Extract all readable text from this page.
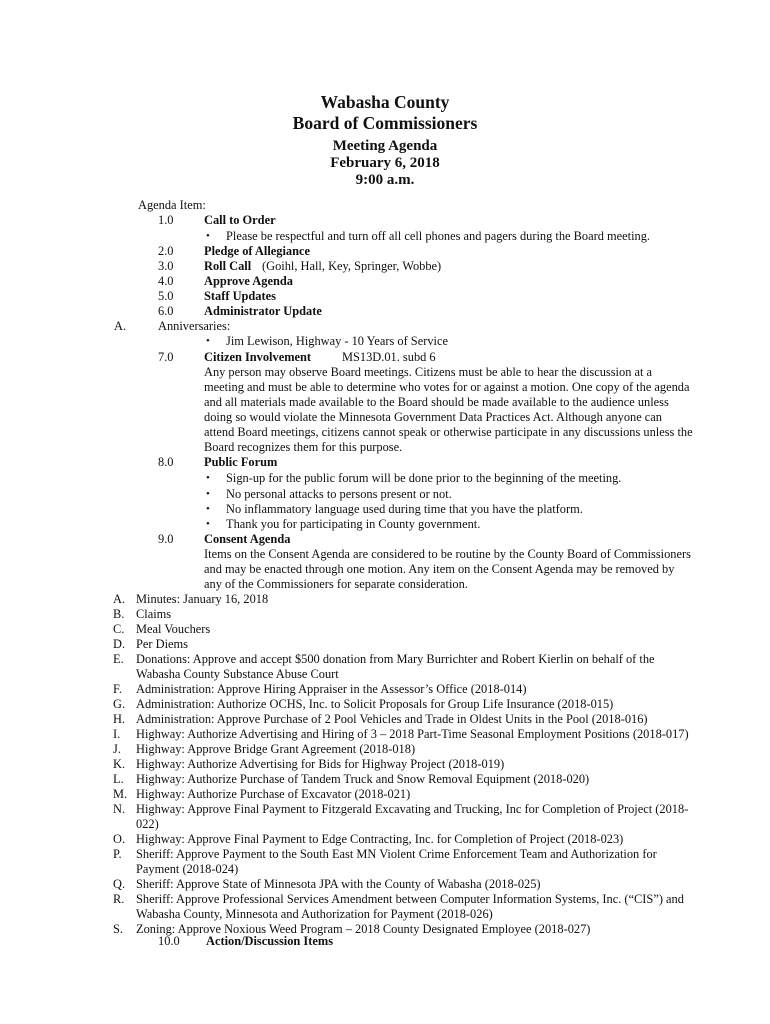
Wabasha County
Board of Commissioners
Meeting Agenda
February 6, 2018
9:00 a.m.
Agenda Item:
1.0 Call to Order
• Please be respectful and turn off all cell phones and pagers during the Board meeting.
2.0 Pledge of Allegiance
3.0 Roll Call (Goihl, Hall, Key, Springer, Wobbe)
4.0 Approve Agenda
5.0 Staff Updates
6.0 Administrator Update
A.	Anniversaries:
• Jim Lewison, Highway - 10 Years of Service
7.0 Citizen Involvement MS13D.01. subd 6
Any person may observe Board meetings. Citizens must be able to hear the discussion at a
meeting and must be able to determine who votes for or against a motion. One copy of the agenda
and all materials made available to the Board should be made available to the audience unless
doing so would violate the Minnesota Government Data Practices Act. Although anyone can
attend Board meetings, citizens cannot speak or otherwise participate in any discussions unless the
Board recognizes them for this purpose.
8.0 Public Forum
• Sign-up for the public forum will be done prior to the beginning of the meeting.
• No personal attacks to persons present or not.
• No inflammatory language used during time that you have the platform.
• Thank you for participating in County government.
9.0 Consent Agenda
Items on the Consent Agenda are considered to be routine by the County Board of Commissioners
and may be enacted through one motion. Any item on the Consent Agenda may be removed by
any of the Commissioners for separate consideration.
A. Minutes: January 16, 2018
B. Claims
C. Meal Vouchers
D. Per Diems
E. Donations: Approve and accept $500 donation from Mary Burrichter and Robert Kierlin on behalf of the
Wabasha County Substance Abuse Court
F. Administration: Approve Hiring Appraiser in the Assessor’s Office (2018-014)
G. Administration: Authorize OCHS, Inc. to Solicit Proposals for Group Life Insurance (2018-015)
H. Administration: Approve Purchase of 2 Pool Vehicles and Trade in Oldest Units in the Pool (2018-016)
I. Highway: Authorize Advertising and Hiring of 3 – 2018 Part-Time Seasonal Employment Positions (2018-017)
J. Highway: Approve Bridge Grant Agreement (2018-018)
K. Highway: Authorize Advertising for Bids for Highway Project (2018-019)
L. Highway: Authorize Purchase of Tandem Truck and Snow Removal Equipment (2018-020)
M. Highway: Authorize Purchase of Excavator (2018-021)
N. Highway: Approve Final Payment to Fitzgerald Excavating and Trucking, Inc for Completion of Project (2018-
022)
O. Highway: Approve Final Payment to Edge Contracting, Inc. for Completion of Project (2018-023)
P. Sheriff: Approve Payment to the South East MN Violent Crime Enforcement Team and Authorization for
Payment (2018-024)
Q. Sheriff: Approve State of Minnesota JPA with the County of Wabasha (2018-025)
R. Sheriff: Approve Professional Services Amendment between Computer Information Systems, Inc. (“CIS”) and
Wabasha County, Minnesota and Authorization for Payment (2018-026)
S. Zoning: Approve Noxious Weed Program – 2018 County Designated Employee (2018-027)
10.0 Action/Discussion Items
